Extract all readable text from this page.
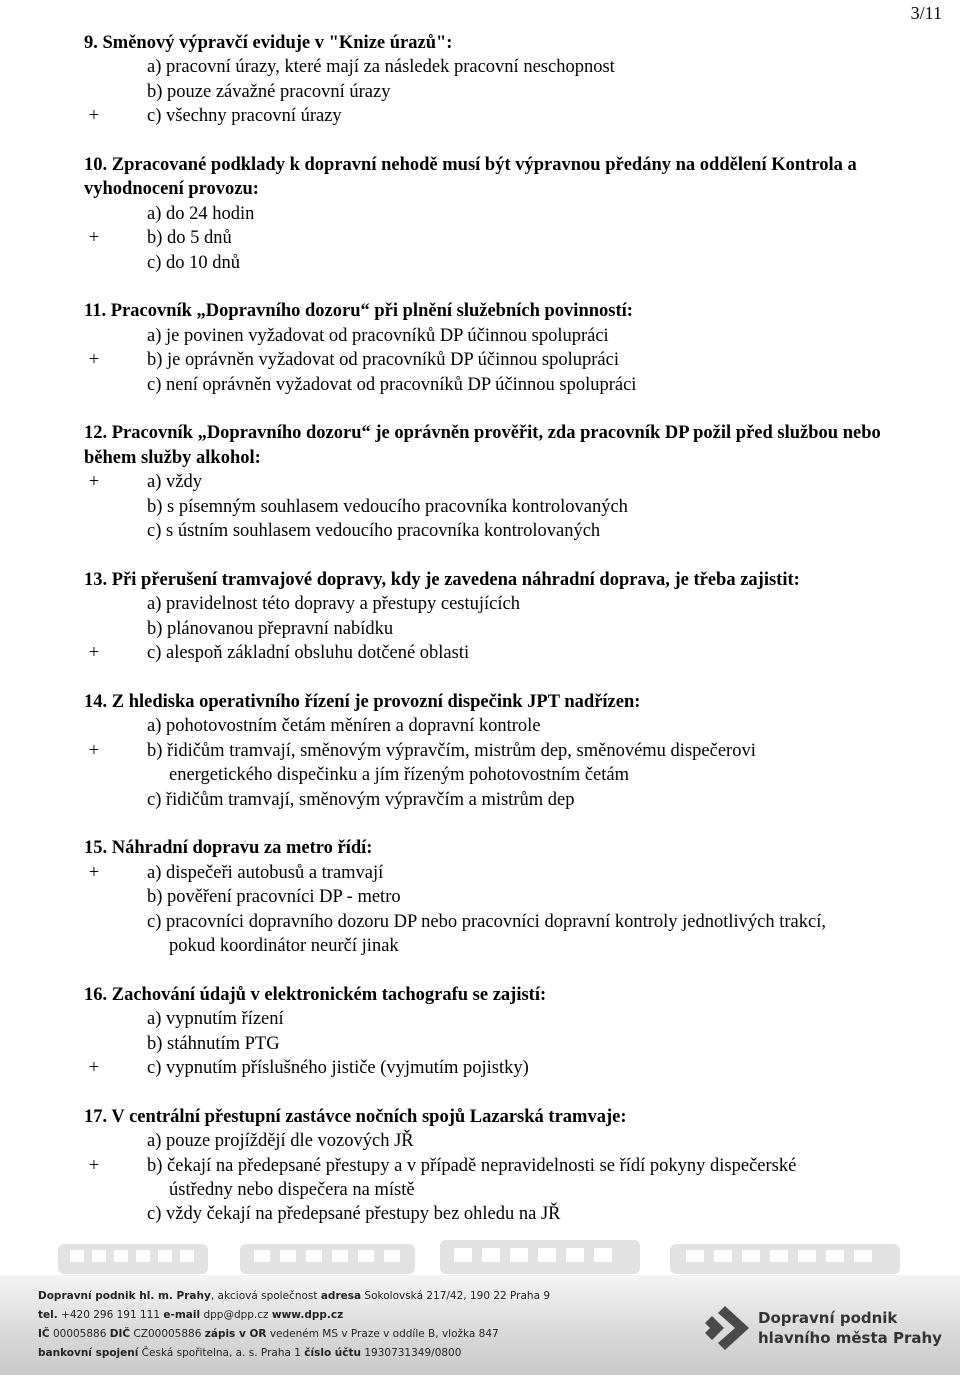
3/11
9. Směnový výpravčí eviduje v "Knize úrazů":
a) pracovní úrazy, které mají za následek pracovní neschopnost
b) pouze závažné pracovní úrazy
+	c) všechny pracovní úrazy
10. Zpracované podklady k dopravní nehodě musí být výpravnou předány na oddělení Kontrola a vyhodnocení provozu:
a) do 24 hodin
+	b) do 5 dnů
c) do 10 dnů
11. Pracovník „Dopravního dozoru“ při plnění služebních povinností:
a) je povinen vyžadovat od pracovníků DP účinnou spolupráci
+	b) je oprávněn vyžadovat od pracovníků DP účinnou spolupráci
c) není oprávněn vyžadovat od pracovníků DP účinnou spolupráci
12. Pracovník „Dopravního dozoru“ je oprávněn prověřit, zda pracovník DP požil před službou nebo během služby alkohol:
+	a) vždy
b) s písemným souhlasem vedoucího pracovníka kontrolovaných
c) s ústním souhlasem vedoucího pracovníka kontrolovaných
13. Při přerušení tramvajové dopravy, kdy je zavedena náhradní doprava, je třeba zajistit:
a) pravidelnost této dopravy a přestupy cestujících
b) plánovanou přepravní nabídku
+	c) alespoň základní obsluhu dotčené oblasti
14. Z hlediska operativního řízení je provozní dispečink JPT nadřízen:
a) pohotovostním četám měníren a dopravní kontrole
+	b) řidičům tramvají, směnovým výpravčím, mistrům dep, směnovému dispečerovi
energetického dispečinku a jím řízeným pohotovostním četám
c) řidičům tramvají, směnovým výpravčím a mistrům dep
15. Náhradní dopravu za metro řídí:
+	a) dispečeři autobusů a tramvají
b) pověření pracovníci DP - metro
c) pracovníci dopravního dozoru DP nebo pracovníci dopravní kontroly jednotlivých trakcí,
pokud koordinátor neurčí jinak
16. Zachování údajů v elektronickém tachografu se zajistí:
a) vypnutím řízení
b) stáhnutím PTG
+	c) vypnutím příslušného jističe (vyjmutím pojistky)
17. V centrální přestupní zastávce nočních spojů Lazarská tramvaje:
a) pouze projíždějí dle vozových JŘ
+	b) čekají na předepsané přestupy a v případě nepravidelnosti se řídí pokyny dispečerské
ústředny nebo dispečera na místě
c) vždy čekají na předepsané přestupy bez ohledu na JŘ
Dopravní podnik hl. m. Prahy, akciová společnost adresa Sokolovská 217/42, 190 22 Praha 9
tel. +420 296 191 111 e-mail dpp@dpp.cz www.dpp.cz
IČ 00005886 DIČ CZ00005886 zápis v OR vedeném MS v Praze v oddíle B, vložka 847
bankovní spojení Česká spořitelna, a. s. Praha 1 číslo účtu 1930731349/0800
Dopravní podnik
hlavního města Prahy
